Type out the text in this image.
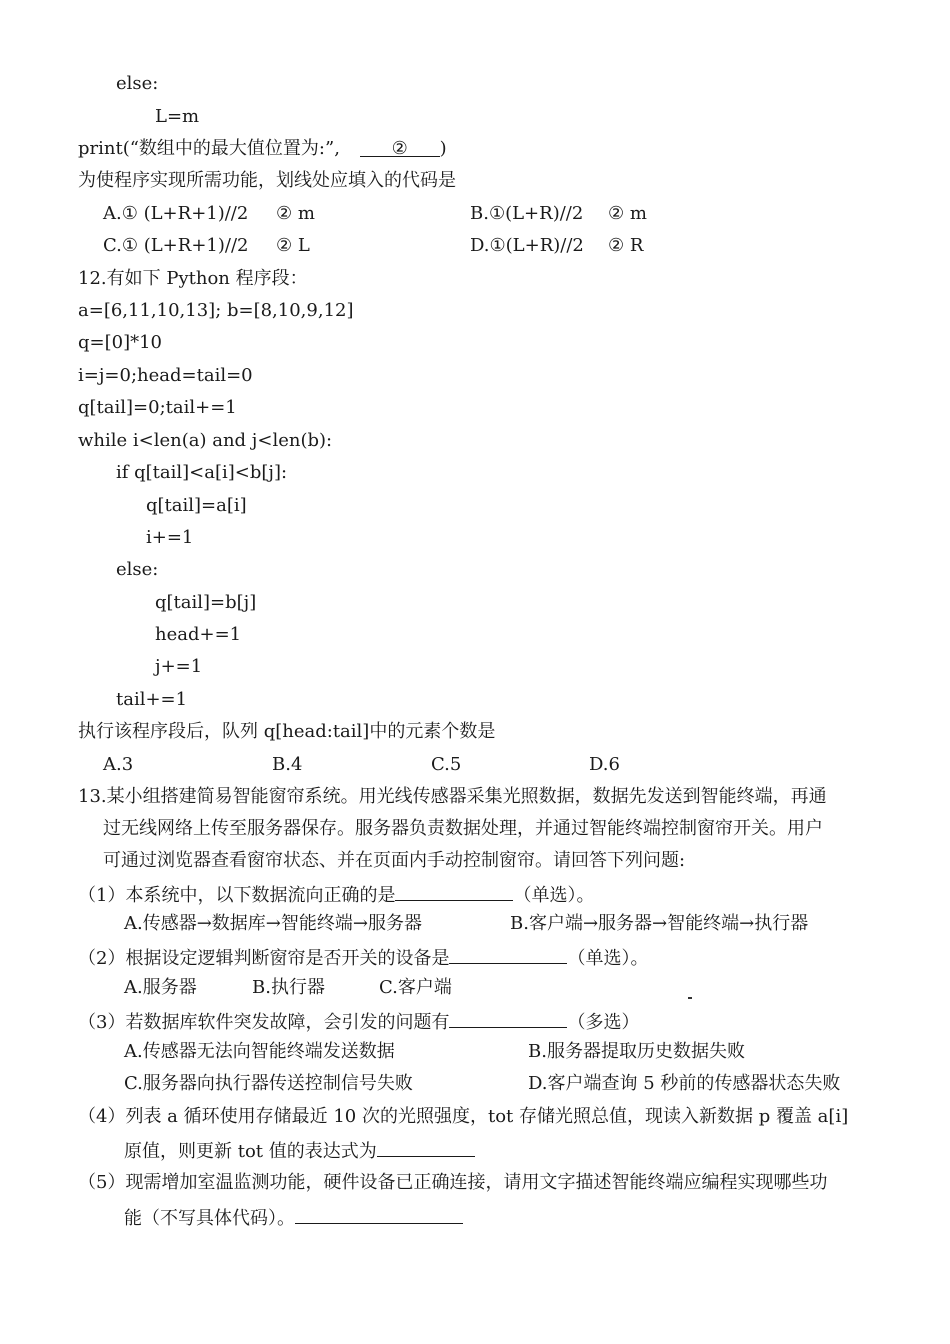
else:
L=m
print(“数组中的最大值位置为:”,	② )
为使程序实现所需功能，划线处应填入的代码是
A.① (L+R+1)//2 ② m	B.①(L+R)//2 ② m
C.① (L+R+1)//2 ② L	D.①(L+R)//2 ② R
12.有如下 Python 程序段：
a=[6,11,10,13]; b=[8,10,9,12]
q=[0]*10
i=j=0;head=tail=0
q[tail]=0;tail+=1
while i<len(a) and j<len(b):
if q[tail]<a[i]<b[j]:
q[tail]=a[i]
i+=1
else:
q[tail]=b[j]
head+=1
j+=1
tail+=1
执行该程序段后，队列 q[head:tail]中的元素个数是
A.3	B.4	C.5	D.6
13.某小组搭建简易智能窗帘系统。用光线传感器采集光照数据，数据先发送到智能终端，再通
过无线网络上传至服务器保存。服务器负责数据处理，并通过智能终端控制窗帘开关。用户
可通过浏览器查看窗帘状态、并在页面内手动控制窗帘。请回答下列问题:
（1）本系统中，以下数据流向正确的是	（单选）。
A.传感器→数据库→智能终端→服务器	B.客户端→服务器→智能终端→执行器
（2）根据设定逻辑判断窗帘是否开关的设备是	（单选）。
A.服务器	B.执行器	C.客户端
（3）若数据库软件突发故障，会引发的问题有	（多选）
A.传感器无法向智能终端发送数据	B.服务器提取历史数据失败
C.服务器向执行器传送控制信号失败	D.客户端查询 5 秒前的传感器状态失败
（4）列表 a 循环使用存储最近 10 次的光照强度，tot 存储光照总值，现读入新数据 p 覆盖 a[i]
原值，则更新 tot 值的表达式为
（5）现需增加室温监测功能，硬件设备已正确连接，请用文字描述智能终端应编程实现哪些功
能（不写具体代码）。
